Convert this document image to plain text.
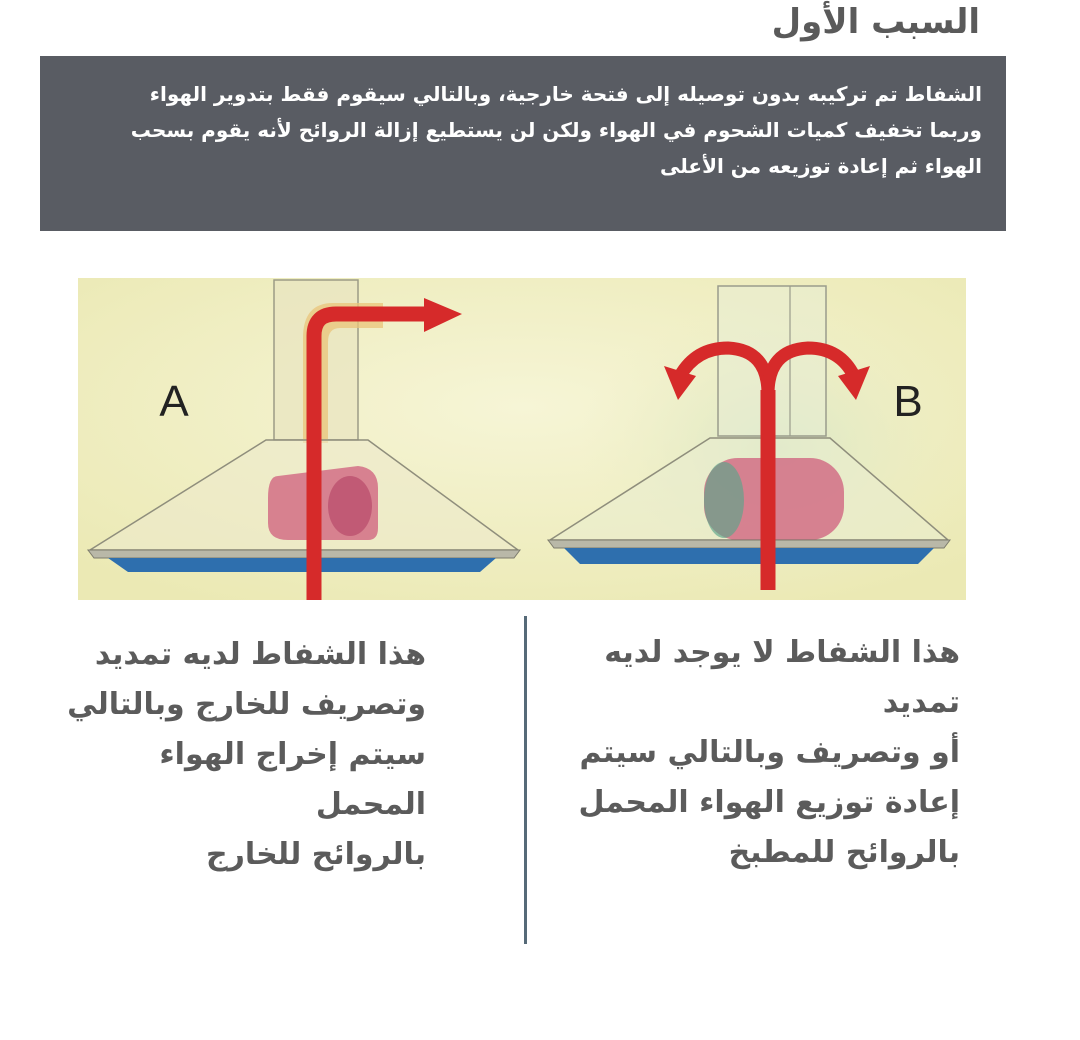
السبب الأول
الشفاط تم تركيبه بدون توصيله إلى فتحة خارجية، وبالتالي سيقوم فقط بتدوير الهواء وربما تخفيف كميات الشحوم في الهواء ولكن لن يستطيع إزالة الروائح لأنه يقوم بسحب الهواء ثم إعادة توزيعه من الأعلى
A	B
هذا الشفاط لديه تمديد
وتصريف للخارج وبالتالي
سيتم إخراج الهواء المحمل
بالروائح للخارج
هذا الشفاط لا يوجد لديه تمديد
أو وتصريف وبالتالي سيتم
إعادة توزيع الهواء المحمل
بالروائح للمطبخ
